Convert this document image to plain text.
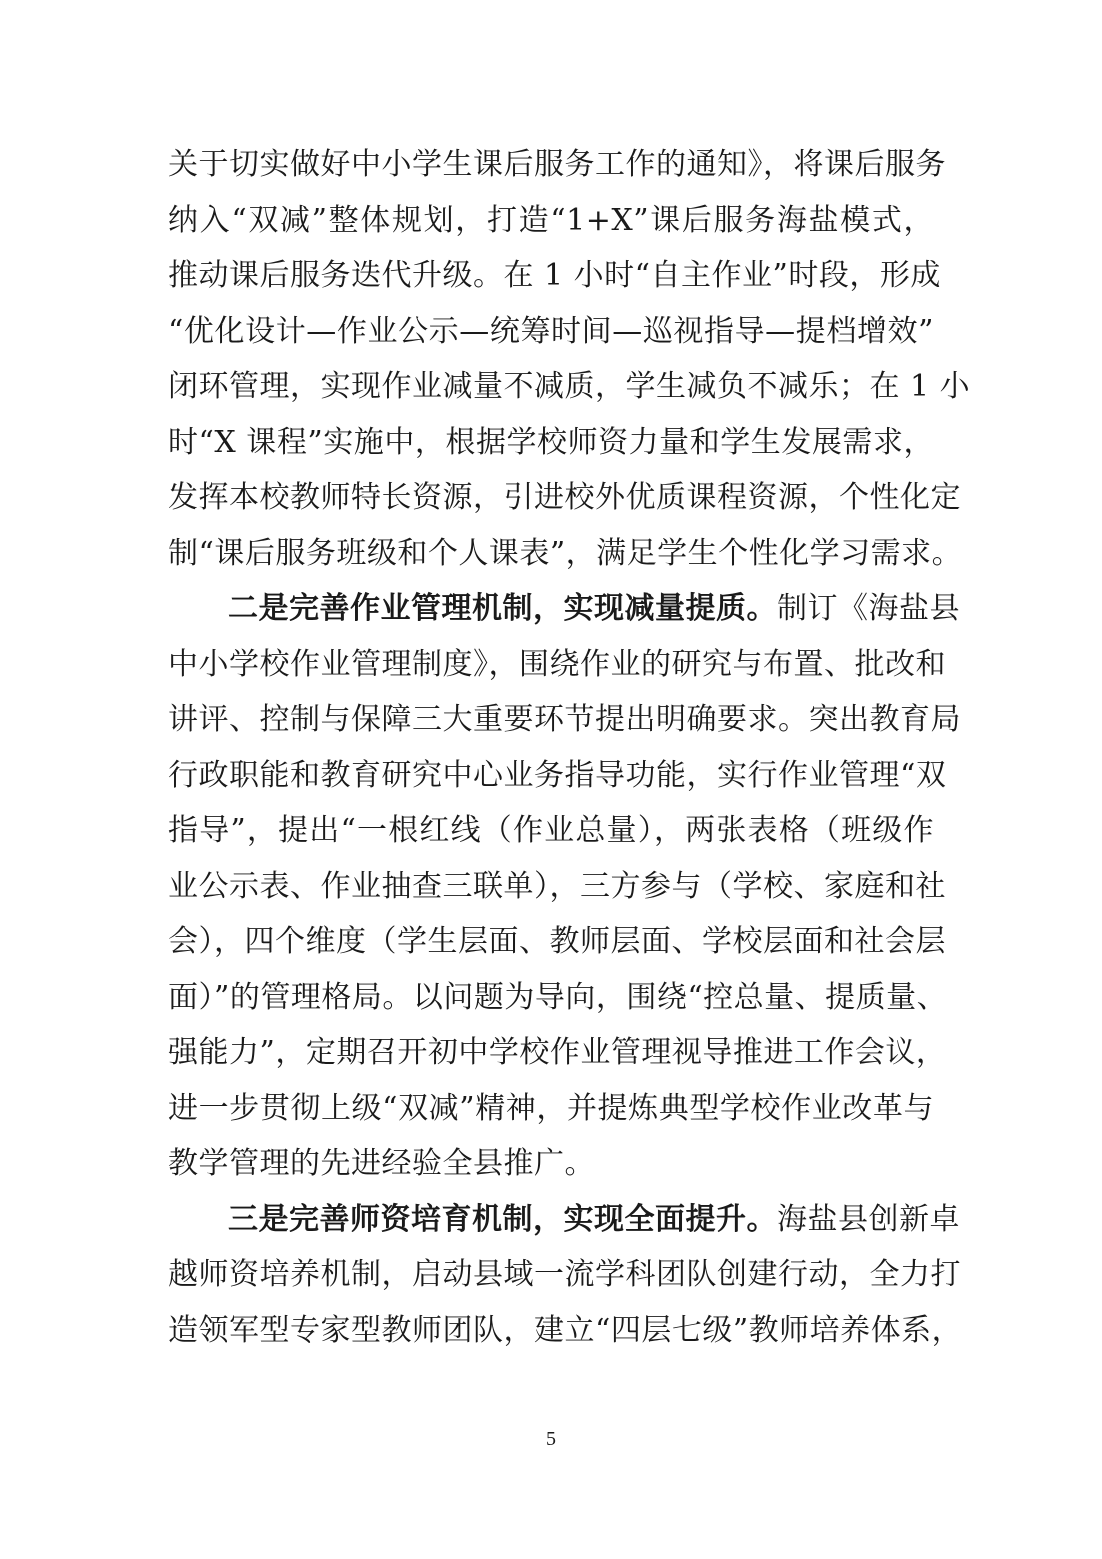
关于切实做好中小学生课后服务工作的通知》，将课后服务
纳入“双减”整体规划，打造“1+X”课后服务海盐模式，
推动课后服务迭代升级。在 1 小时“自主作业”时段，形成
“优化设计—作业公示—统筹时间—巡视指导—提档增效”
闭环管理，实现作业减量不减质，学生减负不减乐；在 1 小
时“X 课程”实施中，根据学校师资力量和学生发展需求，
发挥本校教师特长资源，引进校外优质课程资源，个性化定
制“课后服务班级和个人课表”，满足学生个性化学习需求。
二是完善作业管理机制，实现减量提质。制订《海盐县
中小学校作业管理制度》，围绕作业的研究与布置、批改和
讲评、控制与保障三大重要环节提出明确要求。突出教育局
行政职能和教育研究中心业务指导功能，实行作业管理“双
指导”，提出“一根红线（作业总量），两张表格（班级作
业公示表、作业抽查三联单），三方参与（学校、家庭和社
会），四个维度（学生层面、教师层面、学校层面和社会层
面）”的管理格局。以问题为导向，围绕“控总量、提质量、
强能力”，定期召开初中学校作业管理视导推进工作会议，
进一步贯彻上级“双减”精神，并提炼典型学校作业改革与
教学管理的先进经验全县推广。
三是完善师资培育机制，实现全面提升。海盐县创新卓
越师资培养机制，启动县域一流学科团队创建行动，全力打
造领军型专家型教师团队，建立“四层七级”教师培养体系，
5
